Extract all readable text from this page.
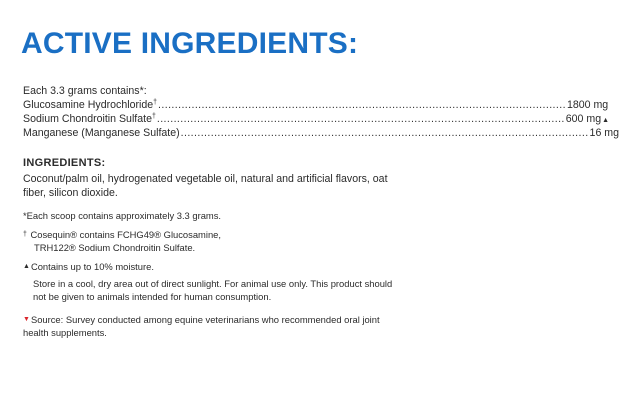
ACTIVE INGREDIENTS:
Each 3.3 grams contains*:
Glucosamine Hydrochloride† .......................................................................................................................... 1800 mg
Sodium Chondroitin Sulfate† .......................................................................................................................... 600 mg ▲
Manganese (Manganese Sulfate) .......................................................................................................................... 16 mg
INGREDIENTS:

Coconut/palm oil, hydrogenated vegetable oil, natural and artificial flavors, oat fiber, silicon dioxide.

*Each scoop contains approximately 3.3 grams.
† Cosequin® contains FCHG49® Glucosamine,
TRH122® Sodium Chondroitin Sulfate.
▲Contains up to 10% moisture.
Store in a cool, dry area out of direct sunlight. For animal use only. This product should not be given to animals intended for human consumption.
▼Source: Survey conducted among equine veterinarians who recommended oral joint health supplements.
